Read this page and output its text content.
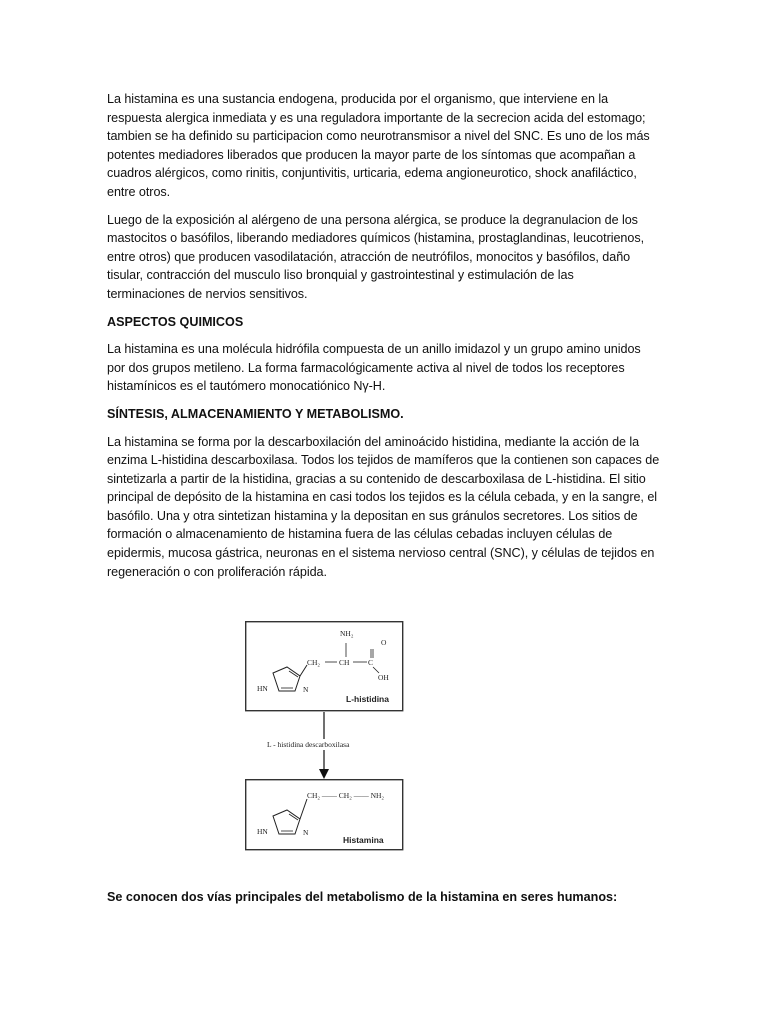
La histamina es una sustancia endogena, producida por el organismo, que interviene en la
respuesta alergica inmediata y es una reguladora importante de la secrecion acida del estomago;
tambien se ha definido su participacion como neurotransmisor a nivel del SNC. Es uno de los más
potentes mediadores liberados que producen la mayor parte de los síntomas que acompañan a
cuadros alérgicos, como rinitis, conjuntivitis, urticaria, edema angioneurotico, shock anafiláctico,
entre otros.

Luego de la exposición al alérgeno de una persona alérgica, se produce la degranulacion de los
mastocitos o basófilos, liberando mediadores químicos (histamina, prostaglandinas, leucotrienos,
entre otros) que producen vasodilatación, atracción de neutrófilos, monocitos y basófilos, daño
tisular, contracción del musculo liso bronquial y gastrointestinal y estimulación de las
terminaciones de nervios sensitivos.

ASPECTOS QUIMICOS

La histamina es una molécula hidrófila compuesta de un anillo imidazol y un grupo amino unidos
por dos grupos metileno. La forma farmacológicamente activa al nivel de todos los receptores
histamínicos es el tautómero monocatiónico Nγ-H.

SÍNTESIS, ALMACENAMIENTO Y METABOLISMO.

La histamina se forma por la descarboxilación del aminoácido histidina, mediante la acción de la
enzima L-histidina descarboxilasa. Todos los tejidos de mamíferos que la contienen son capaces de
sintetizarla a partir de la histidina, gracias a su contenido de descarboxilasa de L-histidina. El sitio
principal de depósito de la histamina en casi todos los tejidos es la célula cebada, y en la sangre, el
basófilo. Una y otra sintetizan histamina y la depositan en sus gránulos secretores. Los sitios de
formación o almacenamiento de histamina fuera de las células cebadas incluyen células de
epidermis, mucosa gástrica, neuronas en el sistema nervioso central (SNC), y células de tejidos en
regeneración o con proliferación rápida.

HN	N
CH₂	CH
NH₂
C
O
OH
L-histidina
L - histidina descarboxilasa
HN	N
CH₂ —— CH₂ —— NH₂
Histamina
Se conocen dos vías principales del metabolismo de la histamina en seres humanos:
